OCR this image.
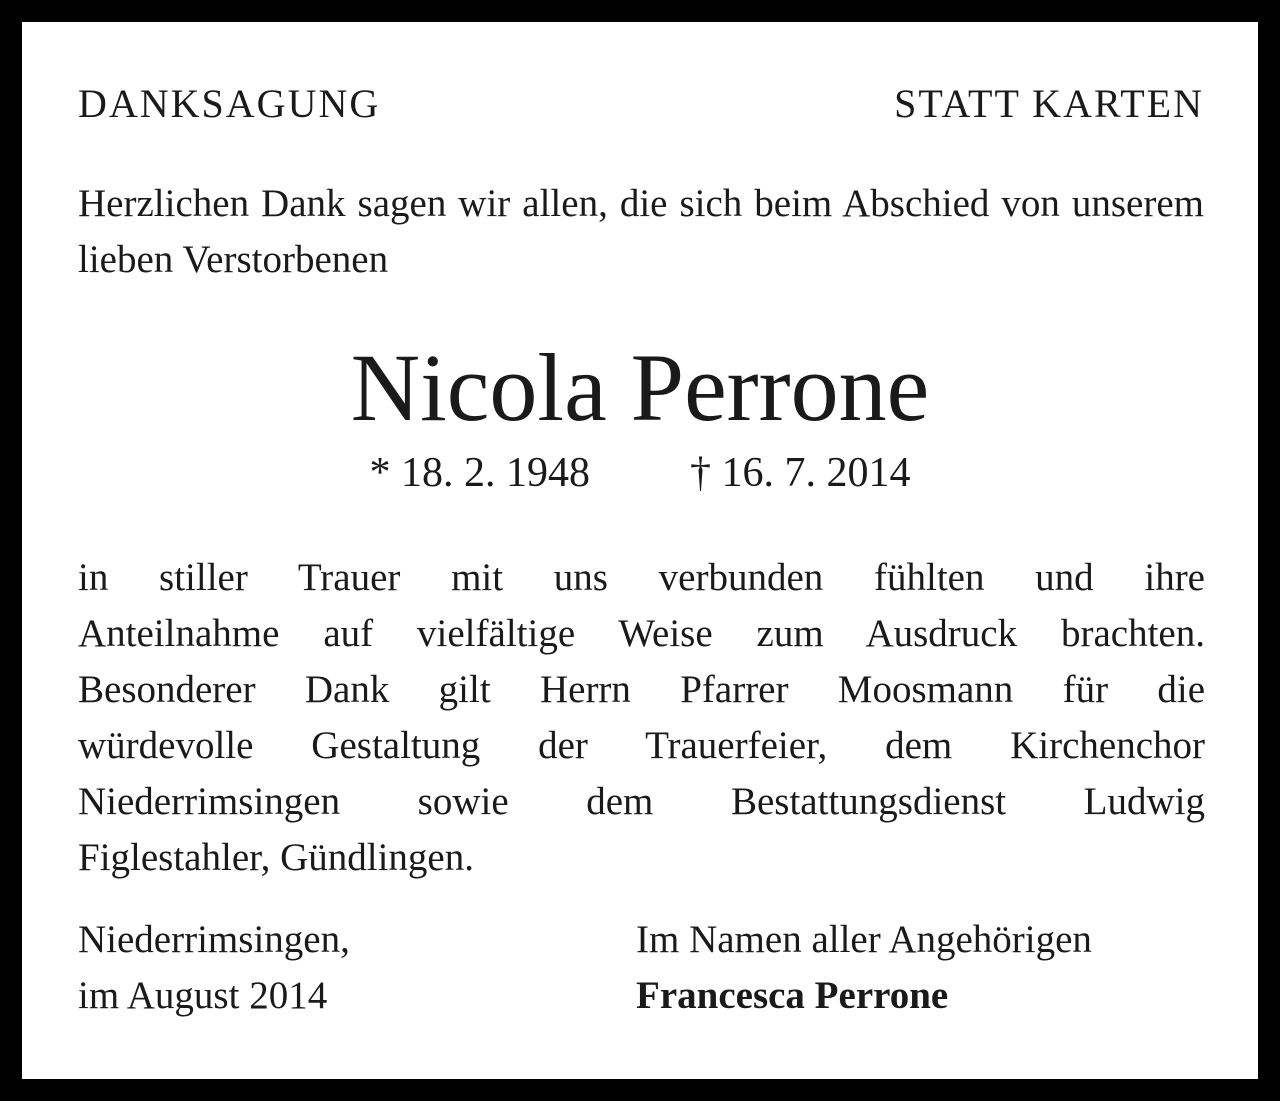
DANKSAGUNG	STATT KARTEN

Herzlichen Dank sagen wir allen, die sich beim Abschied von unserem lieben Verstorbenen

Nicola Perrone

* 18. 2. 1948 † 16. 7. 2014

in stiller Trauer mit uns verbunden fühlten und ihre
Anteilnahme auf vielfältige Weise zum Ausdruck brachten.
Besonderer Dank gilt Herrn Pfarrer Moosmann für die
würdevolle Gestaltung der Trauerfeier, dem Kirchenchor
Niederrimsingen sowie dem Bestattungsdienst Ludwig
Figlestahler, Gündlingen.
Niederrimsingen,
im August 2014
Im Namen aller Angehörigen
Francesca Perrone
